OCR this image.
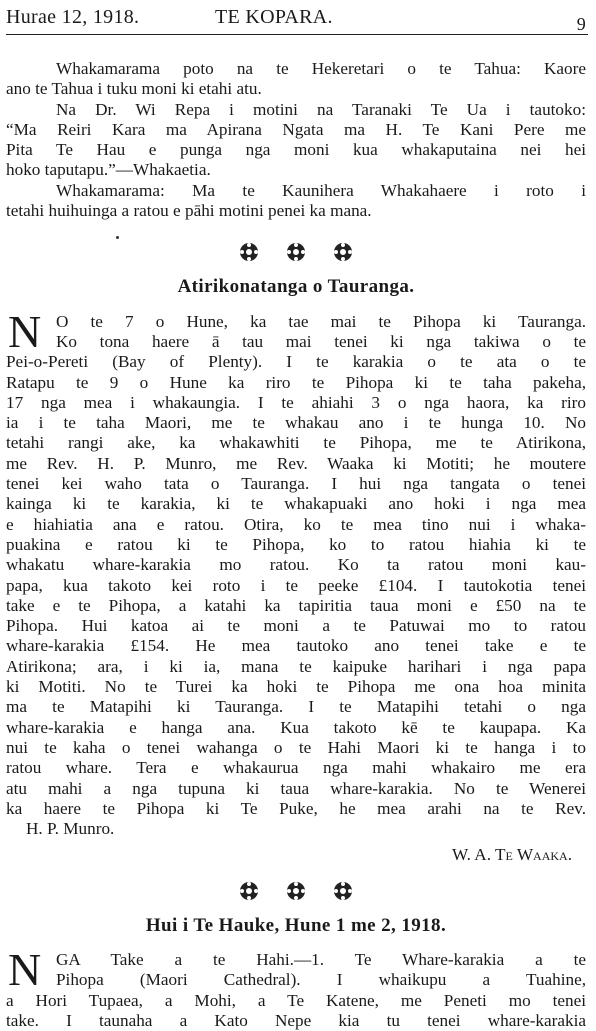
Hurae 12, 1918.	TE KOPARA.	9
Whakamarama poto na te Hekeretari o te Tahua: Kaore
ano te Tahua i tuku moni ki etahi atu.
Na Dr. Wi Repa i motini na Taranaki Te Ua i tautoko:
“Ma Reiri Kara ma Apirana Ngata ma H. Te Kani Pere me
Pita Te Hau e punga nga moni kua whakaputaina nei hei
hoko taputapu.”—Whakaetia.
Whakamarama: Ma te Kaunihera Whakahaere i roto i
tetahi huihuinga a ratou e pāhi motini penei ka mana.
Atirikonatanga o Tauranga.
N O te 7 o Hune, ka tae mai te Pihopa ki Tauranga.
Ko tona haere ā tau mai tenei ki nga takiwa o te
Pei-o-Pereti (Bay of Plenty). I te karakia o te ata o te
Ratapu te 9 o Hune ka riro te Pihopa ki te taha pakeha,
17 nga mea i whakaungia. I te ahiahi 3 o nga haora, ka riro
ia i te taha Maori, me te whakau ano i te hunga 10. No
tetahi rangi ake, ka whakawhiti te Pihopa, me te Atirikona,
me Rev. H. P. Munro, me Rev. Waaka ki Motiti; he moutere
tenei kei waho tata o Tauranga. I hui nga tangata o tenei
kainga ki te karakia, ki te whakapuaki ano hoki i nga mea
e hiahiatia ana e ratou. Otira, ko te mea tino nui i whaka-
puakina e ratou ki te Pihopa, ko to ratou hiahia ki te
whakatu whare-karakia mo ratou. Ko ta ratou moni kau-
papa, kua takoto kei roto i te peeke £104. I tautokotia tenei
take e te Pihopa, a katahi ka tapiritia taua moni e £50 na te
Pihopa. Hui katoa ai te moni a te Patuwai mo to ratou
whare-karakia £154. He mea tautoko ano tenei take e te
Atirikona; ara, i ki ia, mana te kaipuke harihari i nga papa
ki Motiti. No te Turei ka hoki te Pihopa me ona hoa minita
ma te Matapihi ki Tauranga. I te Matapihi tetahi o nga
whare-karakia e hanga ana. Kua takoto kē te kaupapa. Ka
nui te kaha o tenei wahanga o te Hahi Maori ki te hanga i to
ratou whare. Tera e whakaurua nga mahi whakairo me era
atu mahi a nga tupuna ki taua whare-karakia. No te Wenerei
ka haere te Pihopa ki Te Puke, he mea arahi na te Rev.
H. P. Munro.
W. A. Te Waaka.
Hui i Te Hauke, Hune 1 me 2, 1918.
N GA Take a te Hahi.—1. Te Whare-karakia a te
Pihopa (Maori Cathedral). I whaikupu a Tuahine,
a Hori Tupaea, a Mohi, a Te Katene, me Peneti mo tenei
take. I taunaha a Kato Nepe kia tu tenei whare-karakia
